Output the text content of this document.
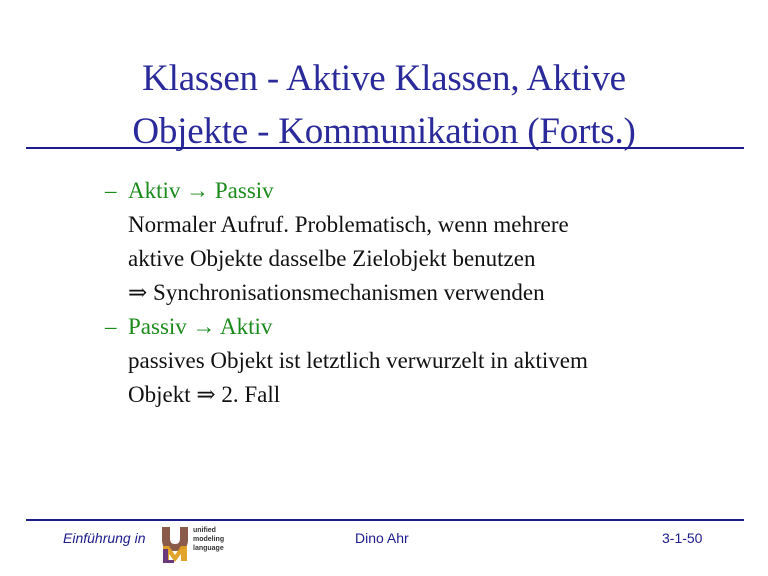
Klassen - Aktive Klassen, Aktive
Objekte - Kommunikation (Forts.)
– Aktiv → Passiv
Normaler Aufruf. Problematisch, wenn mehrere
aktive Objekte dasselbe Zielobjekt benutzen
⇒ Synchronisationsmechanismen verwenden
– Passiv → Aktiv
passives Objekt ist letztlich verwurzelt in aktivem
Objekt ⇒ 2. Fall
Einführung in	unified
modeling
language
Dino Ahr	3-1-50
